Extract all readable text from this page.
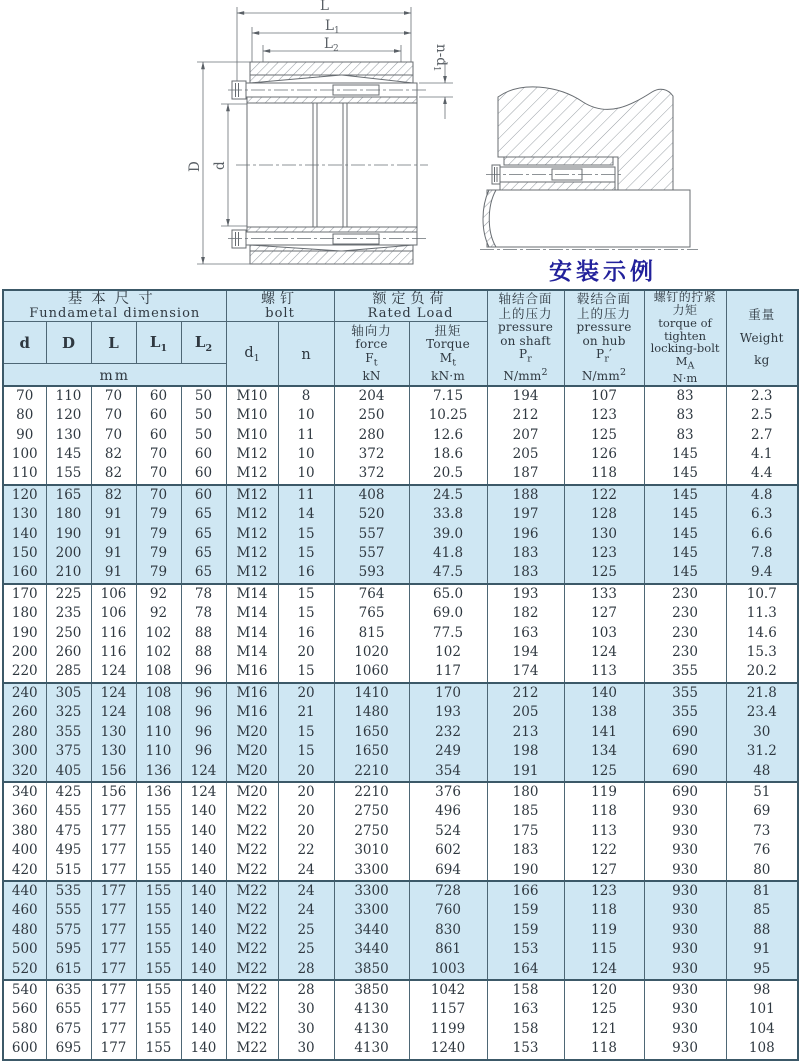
L
$L_1$
$L_2$
D d
$n-d_1$
安装示例
基本尺寸
Fundametal dimension

螺钉
bolt

额定负荷
Rated Load

轴结合面
上的压力
pressure
on shaft
$P_r$
$N/mm^2$

毂结合面
上的压力
pressure
on hub
$P_r'$
$N/mm^2$

螺钉的拧紧
力矩
torque of
tighten
locking-bolt
$M_A$
N·m

重量
Weight
kg

d	D	L	$L_1$	$L_2$	$d_1$	n	
轴向力
force
$F_t$
kN

扭矩
Torque
$M_t$
kN·m

mm												
70	110	70	60	50	M10	8	204	7.15	194	107	83	2.3
80	120	70	60	50	M10	10	250	10.25	212	123	83	2.5
90	130	70	60	50	M10	11	280	12.6	207	125	83	2.7
100	145	82	70	60	M12	10	372	18.6	205	126	145	4.1
110	155	82	70	60	M12	10	372	20.5	187	118	145	4.4
120	165	82	70	60	M12	11	408	24.5	188	122	145	4.8
130	180	91	79	65	M12	14	520	33.8	197	128	145	6.3
140	190	91	79	65	M12	15	557	39.0	196	130	145	6.6
150	200	91	79	65	M12	15	557	41.8	183	123	145	7.8
160	210	91	79	65	M12	16	593	47.5	183	125	145	9.4
170	225	106	92	78	M14	15	764	65.0	193	133	230	10.7
180	235	106	92	78	M14	15	765	69.0	182	127	230	11.3
190	250	116	102	88	M14	16	815	77.5	163	103	230	14.6
200	260	116	102	88	M14	20	1020	102	194	124	230	15.3
220	285	124	108	96	M16	15	1060	117	174	113	355	20.2
240	305	124	108	96	M16	20	1410	170	212	140	355	21.8
260	325	124	108	96	M16	21	1480	193	205	138	355	23.4
280	355	130	110	96	M20	15	1650	232	213	141	690	30
300	375	130	110	96	M20	15	1650	249	198	134	690	31.2
320	405	156	136	124	M20	20	2210	354	191	125	690	48
340	425	156	136	124	M20	20	2210	376	180	119	690	51
360	455	177	155	140	M22	20	2750	496	185	118	930	69
380	475	177	155	140	M22	20	2750	524	175	113	930	73
400	495	177	155	140	M22	22	3010	602	183	122	930	76
420	515	177	155	140	M22	24	3300	694	190	127	930	80
440	535	177	155	140	M22	24	3300	728	166	123	930	81
460	555	177	155	140	M22	24	3300	760	159	118	930	85
480	575	177	155	140	M22	25	3440	830	159	119	930	88
500	595	177	155	140	M22	25	3440	861	153	115	930	91
520	615	177	155	140	M22	28	3850	1003	164	124	930	95
540	635	177	155	140	M22	28	3850	1042	158	120	930	98
560	655	177	155	140	M22	30	4130	1157	163	125	930	101
580	675	177	155	140	M22	30	4130	1199	158	121	930	104
600	695	177	155	140	M22	30	4130	1240	153	118	930	108
